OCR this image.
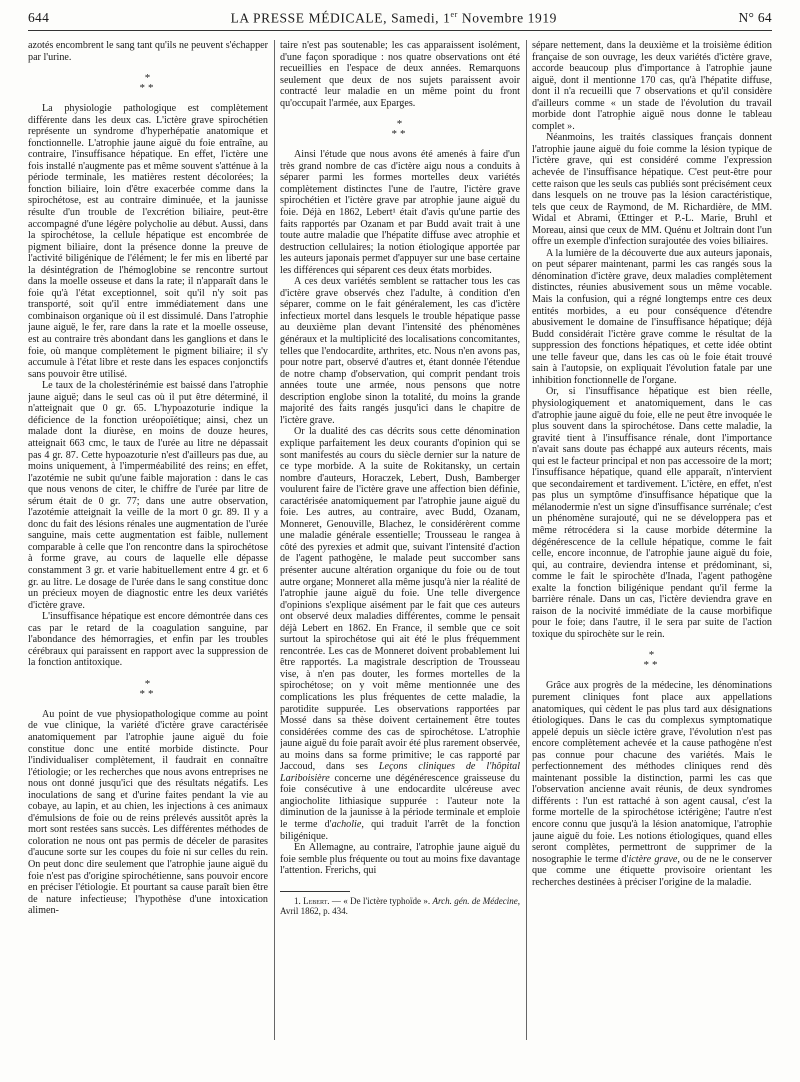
644	LA PRESSE MÉDICALE, Samedi, 1er Novembre 1919	N° 64

azotés encombrent le sang tant qu'ils ne peuvent s'échapper par l'urine.

*
**

La physiologie pathologique est complètement différente dans les deux cas. L'ictère grave spirochétien représente un syndrome d'hyperhépatie anatomique et fonctionnelle. L'atrophie jaune aiguë du foie entraîne, au contraire, l'insuffisance hépatique. En effet, l'ictère une fois installé n'augmente pas et même souvent s'atténue à la période terminale, les matières restent décolorées; la fonction biliaire, loin d'être exacerbée comme dans la spirochétose, est au contraire diminuée, et la jaunisse résulte d'un trouble de l'excrétion biliaire, peut-être accompagné d'une légère polycholie au début. Aussi, dans la spirochétose, la cellule hépatique est encombrée de pigment biliaire, dont la présence donne la preuve de l'activité biligénique de l'élément; le fer mis en liberté par la désintégration de l'hémoglobine se rencontre surtout dans la moelle osseuse et dans la rate; il n'apparaît dans le foie qu'à l'état exceptionnel, soit qu'il n'y soit pas transporté, soit qu'il entre immédiatement dans une combinaison organique où il est dissimulé. Dans l'atrophie jaune aiguë, le fer, rare dans la rate et la moelle osseuse, est au contraire très abondant dans les ganglions et dans le foie, où manque complètement le pigment biliaire; il s'y accumule à l'état libre et reste dans les espaces conjonctifs sans pouvoir être utilisé.

Le taux de la cholestérinémie est baissé dans l'atrophie jaune aiguë; dans le seul cas où il put être déterminé, il n'atteignait que 0 gr. 65. L'hypoazoturie indique la déficience de la fonction uréopoïétique; ainsi, chez un malade dont la diurèse, en moins de douze heures, atteignait 663 cmc, le taux de l'urée au litre ne dépassait pas 4 gr. 87. Cette hypoazoturie n'est d'ailleurs pas due, au moins uniquement, à l'imperméabilité des reins; en effet, l'azotémie ne subit qu'une faible majoration : dans le cas que nous venons de citer, le chiffre de l'urée par litre de sérum était de 0 gr. 77; dans une autre observation, l'azotémie atteignait la veille de la mort 0 gr. 89. Il y a donc du fait des lésions rénales une augmentation de l'urée sanguine, mais cette augmentation est faible, nullement comparable à celle que l'on rencontre dans la spirochétose à forme grave, au cours de laquelle elle dépasse constamment 3 gr. et varie habituellement entre 4 gr. et 6 gr. au litre. Le dosage de l'urée dans le sang constitue donc un précieux moyen de diagnostic entre les deux variétés d'ictère grave.

L'insuffisance hépatique est encore démontrée dans ces cas par le retard de la coagulation sanguine, par l'abondance des hémorragies, et enfin par les troubles cérébraux qui paraissent en rapport avec la suppression de la fonction antitoxique.

*
**

Au point de vue physiopathologique comme au point de vue clinique, la variété d'ictère grave caractérisée anatomiquement par l'atrophie jaune aiguë du foie constitue donc une entité morbide distincte. Pour l'individualiser complètement, il faudrait en connaître l'étiologie; or les recherches que nous avons entreprises ne nous ont donné jusqu'ici que des résultats négatifs. Les inoculations de sang et d'urine faites pendant la vie au cobaye, au lapin, et au chien, les injections à ces animaux d'émulsions de foie ou de reins prélevés aussitôt après la mort sont restées sans succès. Les différentes méthodes de coloration ne nous ont pas permis de déceler de parasites d'aucune sorte sur les coupes du foie ni sur celles du rein. On peut donc dire seulement que l'atrophie jaune aiguë du foie n'est pas d'origine spirochétienne, sans pouvoir encore en préciser l'étiologie. Et pourtant sa cause paraît bien être de nature infectieuse; l'hypothèse d'une intoxication alimen-

taire n'est pas soutenable; les cas apparaissent isolément, d'une façon sporadique : nos quatre observations ont été recueillies en l'espace de deux années. Remarquons seulement que deux de nos sujets paraissent avoir contracté leur maladie en un même point du front qu'occupait l'armée, aux Eparges.

*
**

Ainsi l'étude que nous avons été amenés à faire d'un très grand nombre de cas d'ictère aigu nous a conduits à séparer parmi les formes mortelles deux variétés complètement distinctes l'une de l'autre, l'ictère grave spirochétien et l'ictère grave par atrophie jaune aiguë du foie. Déjà en 1862, Lebert¹ était d'avis qu'une partie des faits rapportés par Ozanam et par Budd avait trait à une toute autre maladie que l'hépatite diffuse avec atrophie et destruction cellulaires; la notion étiologique apportée par les auteurs japonais permet d'appuyer sur une base certaine les différences qui séparent ces deux états morbides.

A ces deux variétés semblent se rattacher tous les cas d'ictère grave observés chez l'adulte, à condition d'en séparer, comme on le fait généralement, les cas d'ictère infectieux mortel dans lesquels le trouble hépatique passe au deuxième plan devant l'intensité des phénomènes généraux et la multiplicité des localisations concomitantes, telles que l'endocardite, arthrites, etc. Nous n'en avons pas, pour notre part, observé d'autres et, étant donnée l'étendue de notre champ d'observation, qui comprit pendant trois années toute une armée, nous pensons que notre description englobe sinon la totalité, du moins la grande majorité des faits rangés jusqu'ici dans le chapitre de l'ictère grave.

Or la dualité des cas décrits sous cette dénomination explique parfaitement les deux courants d'opinion qui se sont manifestés au cours du siècle dernier sur la nature de ce type morbide. A la suite de Rokitansky, un certain nombre d'auteurs, Horaczek, Lebert, Dush, Bamberger voulurent faire de l'ictère grave une affection bien définie, caractérisée anatomiquement par l'atrophie jaune aiguë du foie. Les autres, au contraire, avec Budd, Ozanam, Monneret, Genouville, Blachez, le considérèrent comme une maladie générale essentielle; Trousseau le rangea à côté des pyrexies et admit que, suivant l'intensité d'action de l'agent pathogène, le malade peut succomber sans présenter aucune altération organique du foie ou de tout autre organe; Monneret alla même jusqu'à nier la réalité de l'atrophie jaune aiguë du foie. Une telle divergence d'opinions s'explique aisément par le fait que ces auteurs ont observé deux maladies différentes, comme le pensait déjà Lebert en 1862. En France, il semble que ce soit surtout la spirochétose qui ait été le plus fréquemment rencontrée. Les cas de Monneret doivent probablement lui être rapportés. La magistrale description de Trousseau vise, à n'en pas douter, les formes mortelles de la spirochétose; on y voit même mentionnée une des complications les plus fréquentes de cette maladie, la parotidite suppurée. Les observations rapportées par Mossé dans sa thèse doivent certainement être toutes considérées comme des cas de spirochétose. L'atrophie jaune aiguë du foie paraît avoir été plus rarement observée, au moins dans sa forme primitive; le cas rapporté par Jaccoud, dans ses Leçons cliniques de l'hôpital Lariboisière concerne une dégénérescence graisseuse du foie consécutive à une endocardite ulcéreuse avec angiocholite lithiasique suppurée : l'auteur note la diminution de la jaunisse à la période terminale et emploie le terme d'acholie, qui traduit l'arrêt de la fonction biligénique.

En Allemagne, au contraire, l'atrophie jaune aiguë du foie semble plus fréquente ou tout au moins fixe davantage l'attention. Frerichs, qui

1. Lebert. — « De l'ictère typhoïde ». Arch. gén. de Médecine, Avril 1862, p. 434.

sépare nettement, dans la deuxième et la troisième édition française de son ouvrage, les deux variétés d'ictère grave, accorde beaucoup plus d'importance à l'atrophie jaune aiguë, dont il mentionne 170 cas, qu'à l'hépatite diffuse, dont il n'a recueilli que 7 observations et qu'il considère d'ailleurs comme « un stade de l'évolution du travail morbide dont l'atrophie aiguë nous donne le tableau complet ».

Néanmoins, les traités classiques français donnent l'atrophie jaune aiguë du foie comme la lésion typique de l'ictère grave, qui est considéré comme l'expression achevée de l'insuffisance hépatique. C'est peut-être pour cette raison que les seuls cas publiés sont précisément ceux dans lesquels on ne trouve pas la lésion caractéristique, tels que ceux de Raymond, de M. Richardière, de MM. Widal et Abrami, Œttinger et P.-L. Marie, Bruhl et Moreau, ainsi que ceux de MM. Quénu et Joltrain dont l'un offre un exemple d'infection surajoutée des voies biliaires.

A la lumière de la découverte due aux auteurs japonais, on peut séparer maintenant, parmi les cas rangés sous la dénomination d'ictère grave, deux maladies complètement distinctes, réunies abusivement sous un même vocable. Mais la confusion, qui a régné longtemps entre ces deux entités morbides, a eu pour conséquence d'étendre abusivement le domaine de l'insuffisance hépatique; déjà Budd considérait l'ictère grave comme le résultat de la suppression des fonctions hépatiques, et cette idée obtint une telle faveur que, dans les cas où le foie était trouvé sain à l'autopsie, on expliquait l'évolution fatale par une inhibition fonctionnelle de l'organe.

Or, si l'insuffisance hépatique est bien réelle, physiologiquement et anatomiquement, dans le cas d'atrophie jaune aiguë du foie, elle ne peut être invoquée le plus souvent dans la spirochétose. Dans cette maladie, la gravité tient à l'insuffisance rénale, dont l'importance n'avait sans doute pas échappé aux auteurs récents, mais qui est le facteur principal et non pas accessoire de la mort; l'insuffisance hépatique, quand elle apparaît, n'intervient que secondairement et tardivement. L'ictère, en effet, n'est pas plus un symptôme d'insuffisance hépatique que la mélanodermie n'est un signe d'insuffisance surrénale; c'est un phénomène surajouté, qui ne se développera pas et même rétrocédera si la cause morbide détermine la dégénérescence de la cellule hépatique, comme le fait celle, encore inconnue, de l'atrophie jaune aiguë du foie, qui, au contraire, deviendra intense et prédominant, si, comme le fait le spirochète d'Inada, l'agent pathogène exalte la fonction biligénique pendant qu'il ferme la barrière rénale. Dans un cas, l'ictère deviendra grave en raison de la nocivité immédiate de la cause morbifique pour le foie; dans l'autre, il le sera par suite de l'action toxique du spirochète sur le rein.

*
**

Grâce aux progrès de la médecine, les dénominations purement cliniques font place aux appellations anatomiques, qui cèdent le pas plus tard aux désignations étiologiques. Dans le cas du complexus symptomatique appelé depuis un siècle ictère grave, l'évolution n'est pas encore complètement achevée et la cause pathogène n'est pas connue pour chacune des variétés. Mais le perfectionnement des méthodes cliniques rend dès maintenant possible la distinction, parmi les cas que l'observation ancienne avait réunis, de deux syndromes différents : l'un est rattaché à son agent causal, c'est la forme mortelle de la spirochétose ictérigène; l'autre n'est encore connu que jusqu'à la lésion anatomique, l'atrophie jaune aiguë du foie. Les notions étiologiques, quand elles seront complètes, permettront de supprimer de la nosographie le terme d'ictère grave, ou de ne le conserver que comme une étiquette provisoire orientant les recherches destinées à préciser l'origine de la maladie.
